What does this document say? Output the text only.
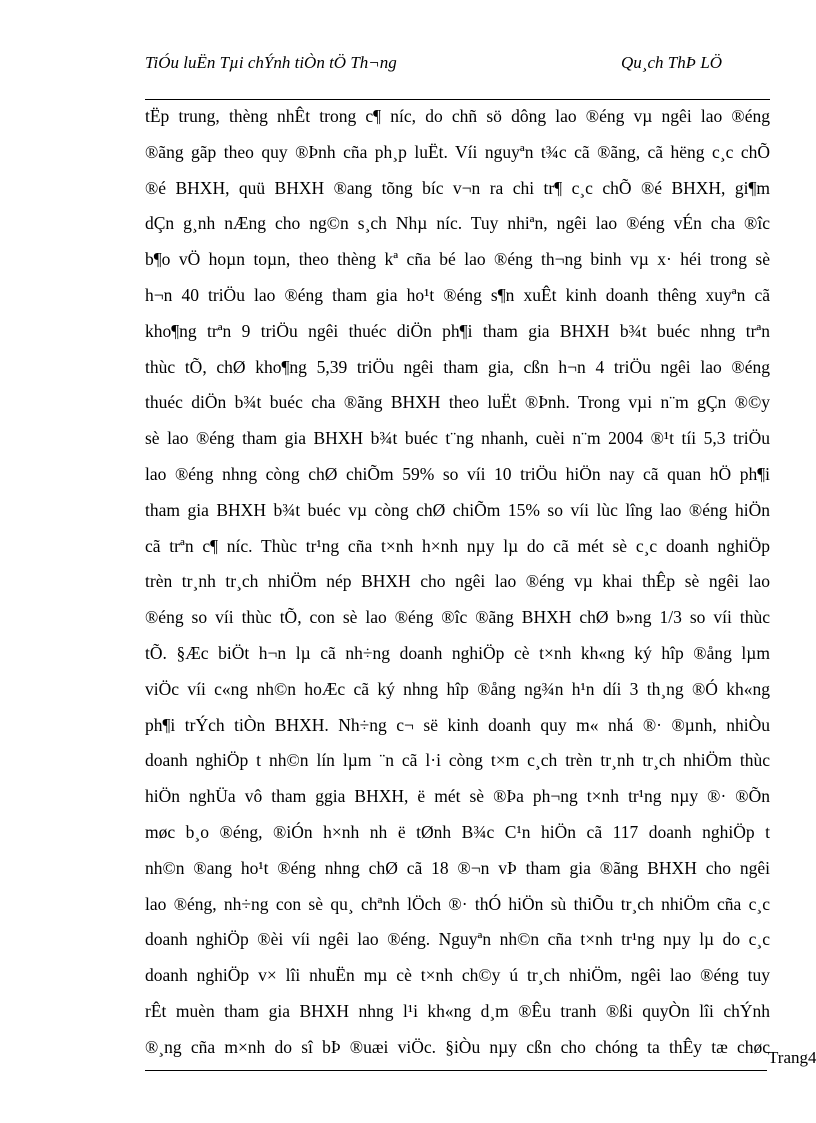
TiÓu luËn Tµi chÝnh tiÒn tÖ Th¬ng	Qu¸ch ThÞ LÖ
tËp trung, thèng nhÊt trong c¶ níc, do chñ sö dông lao ®éng vµ ngêi lao ®éng
®ãng gãp theo quy ®Þnh cña ph¸p luËt. Víi nguyªn t¾c cã ®ãng, cã hëng c¸c chÕ
®é BHXH, quü BHXH ®ang tõng bíc v¬n ra chi tr¶ c¸c chÕ ®é BHXH, gi¶m
dÇn g¸nh nÆng cho ng©n s¸ch Nhµ níc. Tuy nhiªn, ngêi lao ®éng vÉn cha ®îc
b¶o vÖ hoµn toµn, theo thèng kª cña bé lao ®éng th¬ng binh vµ x· héi trong sè
h¬n 40 triÖu lao ®éng tham gia ho¹t ®éng s¶n xuÊt kinh doanh thêng xuyªn cã
kho¶ng trªn 9 triÖu ngêi thuéc diÖn ph¶i tham gia BHXH b¾t buéc nhng trªn
thùc tÕ, chØ kho¶ng 5,39 triÖu ngêi tham gia, cßn h¬n 4 triÖu ngêi lao ®éng
thuéc diÖn b¾t buéc cha ®ãng BHXH theo luËt ®Þnh. Trong vµi n¨m gÇn ®©y
sè lao ®éng tham gia BHXH b¾t buéc t¨ng nhanh, cuèi n¨m 2004 ®¹t tíi 5,3 triÖu
lao ®éng nhng còng chØ chiÕm 59% so víi 10 triÖu hiÖn nay cã quan hÖ ph¶i
tham gia BHXH b¾t buéc vµ còng chØ chiÕm 15% so víi lùc lîng lao ®éng hiÖn
cã trªn c¶ níc. Thùc tr¹ng cña t×nh h×nh nµy lµ do cã mét sè c¸c doanh nghiÖp
trèn tr¸nh tr¸ch nhiÖm nép BHXH cho ngêi lao ®éng vµ khai thÊp sè ngêi lao
®éng so víi thùc tÕ, con sè lao ®éng ®îc ®ãng BHXH chØ b»ng 1/3 so víi thùc
tÕ. §Æc biÖt h¬n lµ cã nh÷ng doanh nghiÖp cè t×nh kh«ng ký hîp ®ång lµm
viÖc víi c«ng nh©n hoÆc cã ký nhng hîp ®ång ng¾n h¹n díi 3 th¸ng ®Ó kh«ng
ph¶i trÝch tiÒn BHXH. Nh÷ng c¬ së kinh doanh quy m« nhá ®· ®µnh, nhiÒu
doanh nghiÖp t nh©n lín lµm ¨n cã l·i còng t×m c¸ch trèn tr¸nh tr¸ch nhiÖm thùc
hiÖn nghÜa vô tham ggia BHXH, ë mét sè ®Þa ph¬ng t×nh tr¹ng nµy ®· ®Õn
møc b¸o ®éng, ®iÓn h×nh nh ë tØnh B¾c C¹n hiÖn cã 117 doanh nghiÖp t
nh©n ®ang ho¹t ®éng nhng chØ cã 18 ®¬n vÞ tham gia ®ãng BHXH cho ngêi
lao ®éng, nh÷ng con sè qu¸ chªnh lÖch ®· thÓ hiÖn sù thiÕu tr¸ch nhiÖm cña c¸c
doanh nghiÖp ®èi víi ngêi lao ®éng. Nguyªn nh©n cña t×nh tr¹ng nµy lµ do c¸c
doanh nghiÖp v× lîi nhuËn mµ cè t×nh ch©y ú tr¸ch nhiÖm, ngêi lao ®éng tuy
rÊt muèn tham gia BHXH nhng l¹i kh«ng d¸m ®Êu tranh ®ßi quyÒn lîi chÝnh
®¸ng cña m×nh do sî bÞ ®uæi viÖc. §iÒu nµy cßn cho chóng ta thÊy tæ chøc
Trang4
